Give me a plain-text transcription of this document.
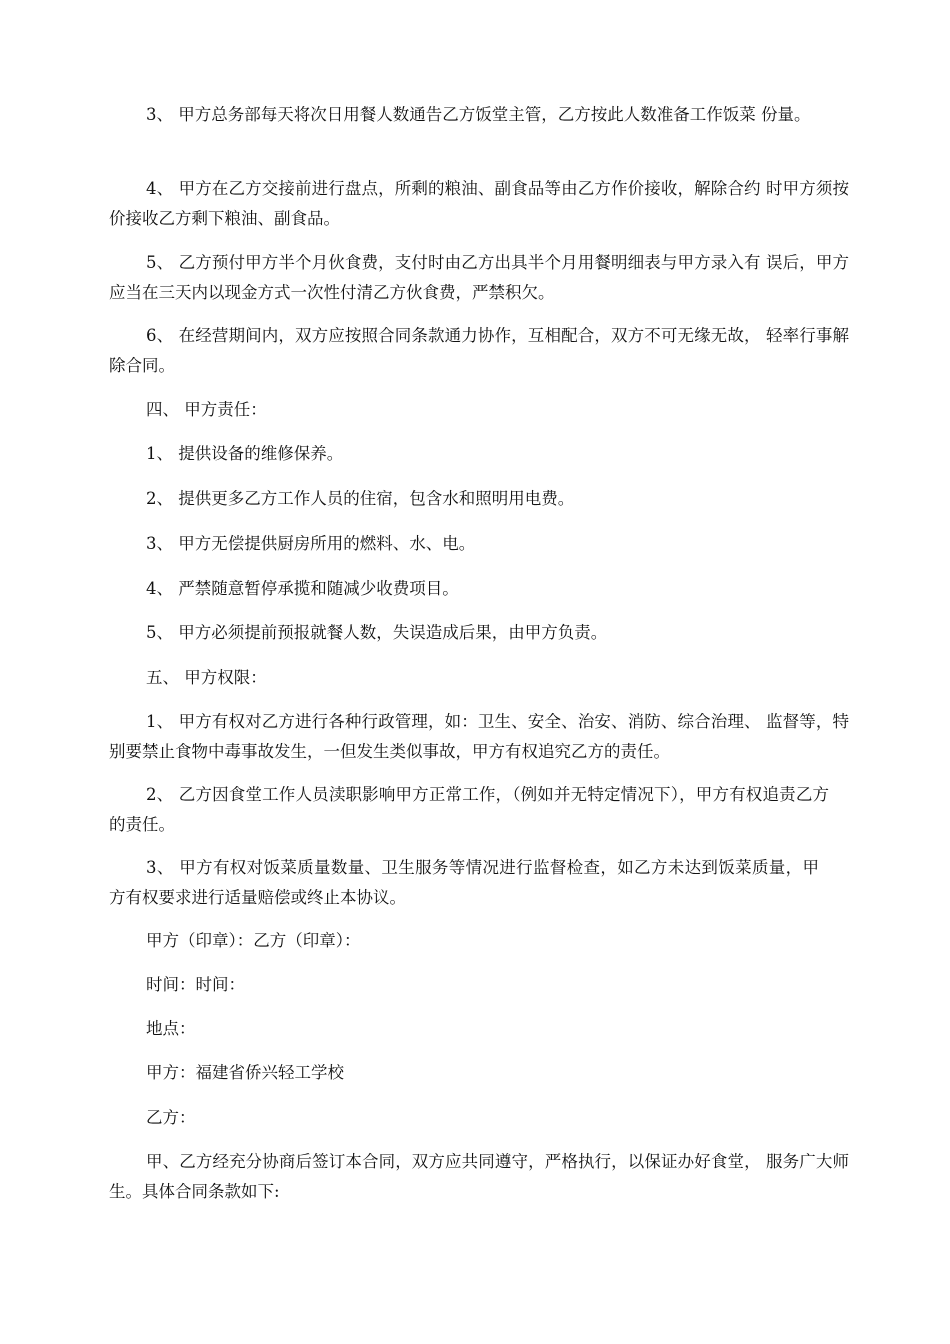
3、 甲方总务部每天将次日用餐人数通告乙方饭堂主管，乙方按此人数准备工作饭菜 份量。

4、 甲方在乙方交接前进行盘点，所剩的粮油、副食品等由乙方作价接收，解除合约 时甲方须按价接收乙方剩下粮油、副食品。

5、 乙方预付甲方半个月伙食费，支付时由乙方出具半个月用餐明细表与甲方录入有 误后，甲方应当在三天内以现金方式一次性付清乙方伙食费，严禁积欠。

6、 在经营期间内，双方应按照合同条款通力协作，互相配合，双方不可无缘无故， 轻率行事解除合同。

四、 甲方责任：

1、 提供设备的维修保养。

2、 提供更多乙方工作人员的住宿，包含水和照明用电费。

3、 甲方无偿提供厨房所用的燃料、水、电。

4、 严禁随意暂停承揽和随减少收费项目。

5、 甲方必须提前预报就餐人数，失误造成后果，由甲方负责。

五、 甲方权限：

1、 甲方有权对乙方进行各种行政管理，如：卫生、安全、治安、消防、综合治理、 监督等，特别要禁止食物中毒事故发生，一但发生类似事故，甲方有权追究乙方的责任。

2、 乙方因食堂工作人员渎职影响甲方正常工作，（例如并无特定情况下），甲方有权追责乙方的责任。

3、 甲方有权对饭菜质量数量、卫生服务等情况进行监督检查，如乙方未达到饭菜质量，甲方有权要求进行适量赔偿或终止本协议。

甲方（印章）：乙方（印章）：

时间：时间：

地点：

甲方：福建省侨兴轻工学校

乙方：

甲、乙方经充分协商后签订本合同，双方应共同遵守，严格执行，以保证办好食堂， 服务广大师生。具体合同条款如下:
